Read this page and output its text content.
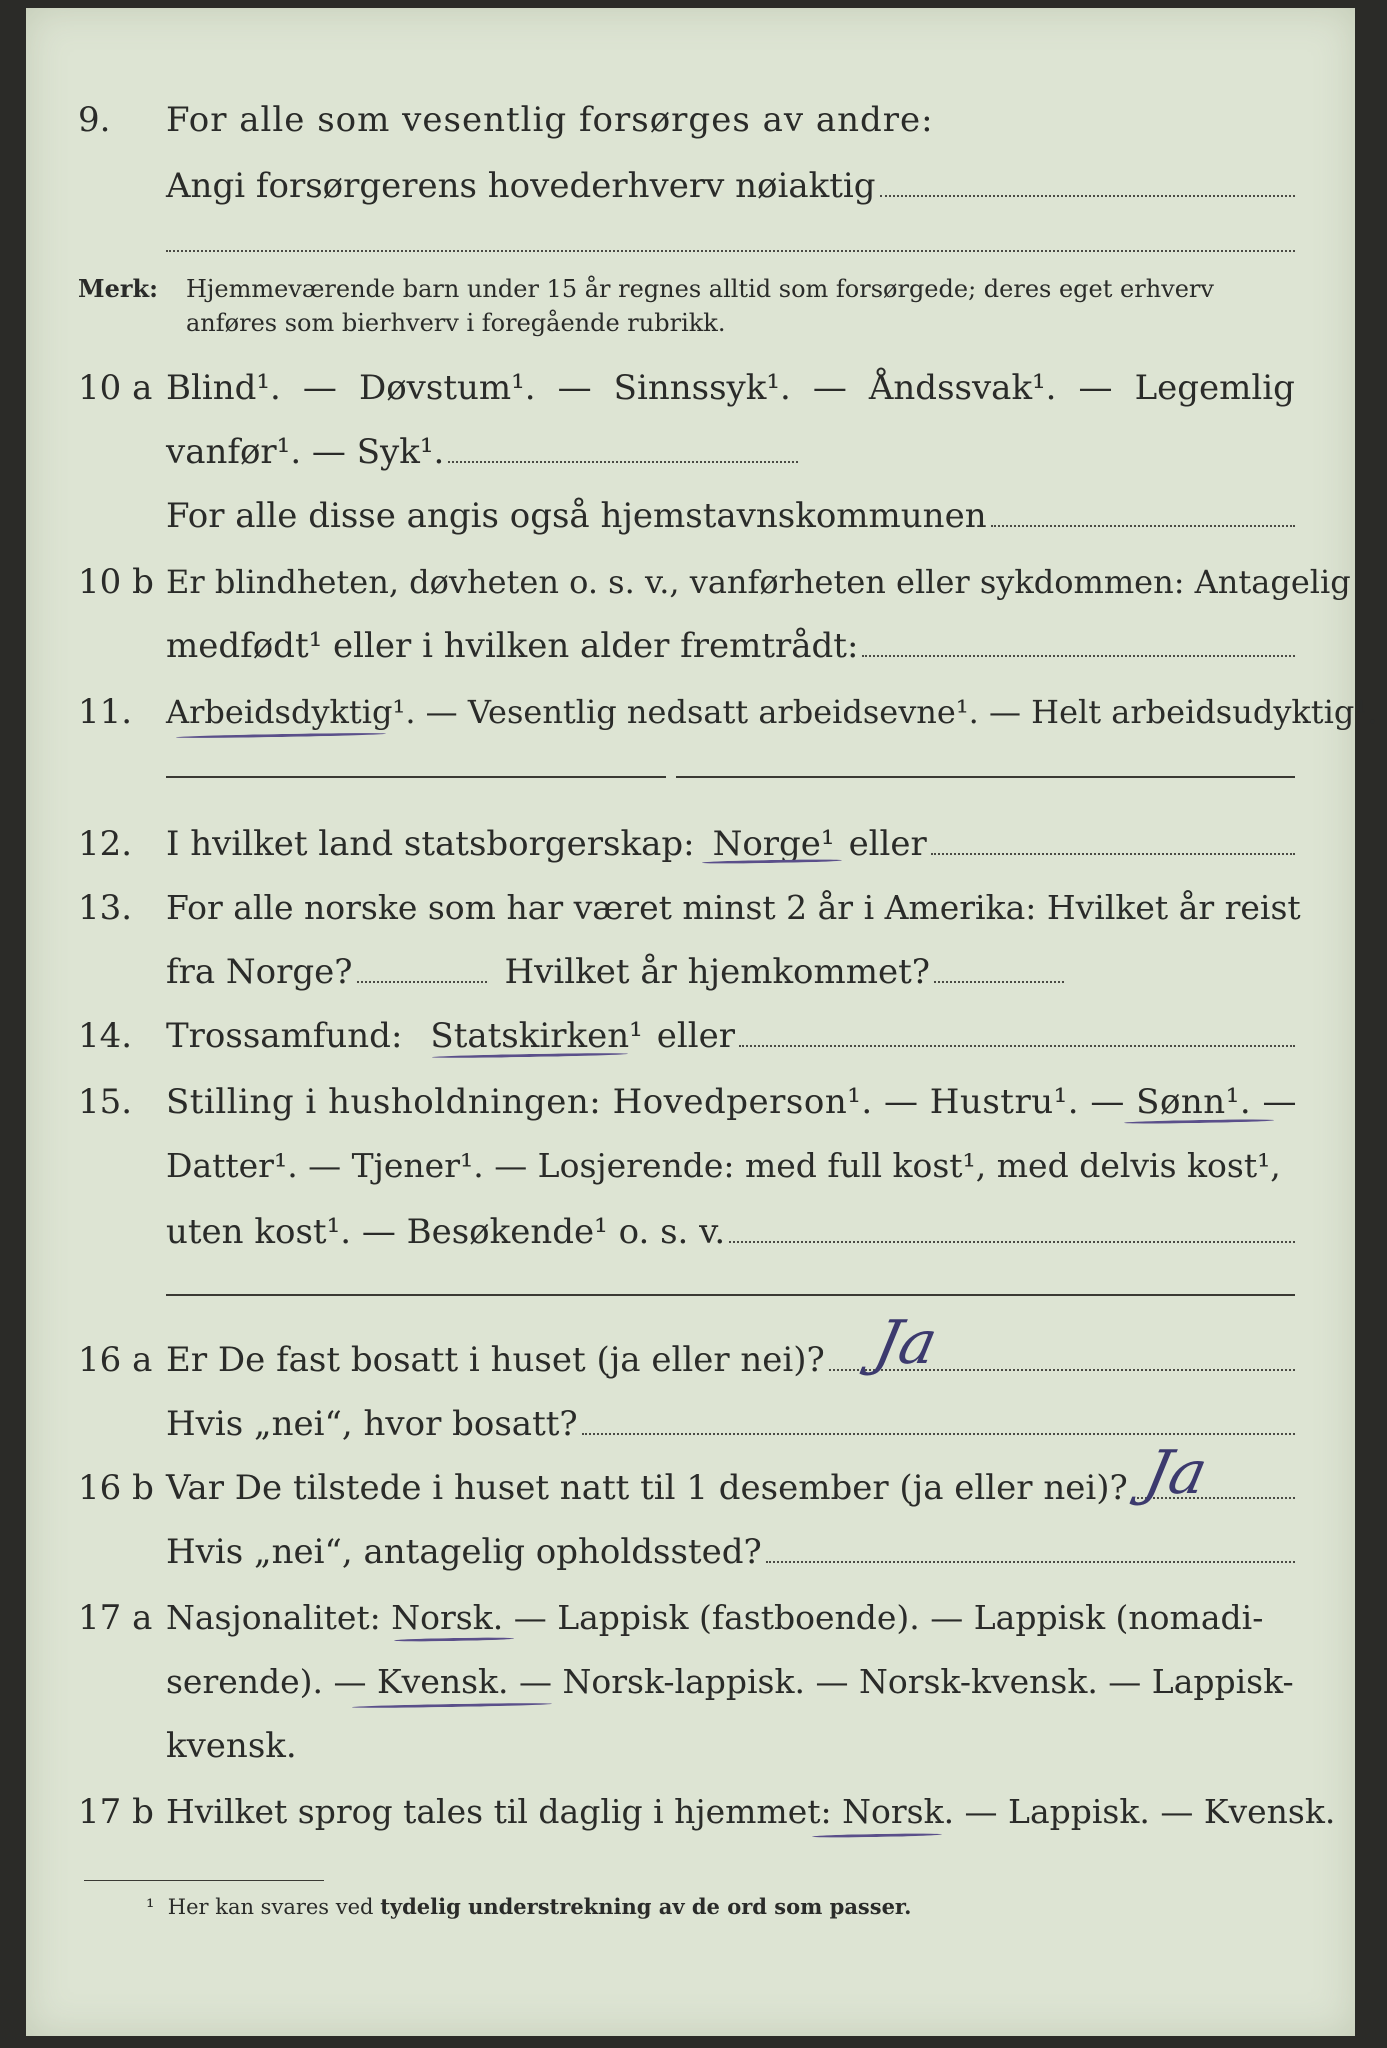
9. For alle som vesentlig forsørges av andre:
Angi forsørgerens hovederhverv nøiaktig
Merk: Hjemmeværende barn under 15 år regnes alltid som forsørgede; deres eget erhverv anføres som bierhverv i foregående rubrikk.
10 a Blind¹. — Døvstum¹. — Sinnssyk¹. — Åndssvak¹. — Legemlig
vanfør¹. — Syk¹.
For alle disse angis også hjemstavnskommunen
10 b Er blindheten, døvheten o. s. v., vanførheten eller sykdommen: Antagelig
medfødt¹ eller i hvilken alder fremtrådt:
11. Arbeidsdyktig¹. — Vesentlig nedsatt arbeidsevne¹. — Helt arbeidsudyktig¹.
12. I hvilket land statsborgerskap: Norge¹ eller
13. For alle norske som har været minst 2 år i Amerika: Hvilket år reist
fra Norge?	Hvilket år hjemkommet?
14. Trossamfund: Statskirken¹ eller
15. Stilling i husholdningen: Hovedperson¹. — Hustru¹. — Sønn¹. —
Datter¹. — Tjener¹. — Losjerende: med full kost¹, med delvis kost¹,
uten kost¹. — Besøkende¹ o. s. v.
16 a Er De fast bosatt i huset (ja eller nei)? Ja
Hvis „nei“, hvor bosatt?
16 b Var De tilstede i huset natt til 1 desember (ja eller nei)? Ja
Hvis „nei“, antagelig opholdssted?
17 a Nasjonalitet: Norsk. — Lappisk (fastboende). — Lappisk (nomadi-
serende). — Kvensk. — Norsk-lappisk. — Norsk-kvensk. — Lappisk-
kvensk.
17 b Hvilket sprog tales til daglig i hjemmet: Norsk. — Lappisk. — Kvensk.
¹ Her kan svares ved tydelig understrekning av de ord som passer.
